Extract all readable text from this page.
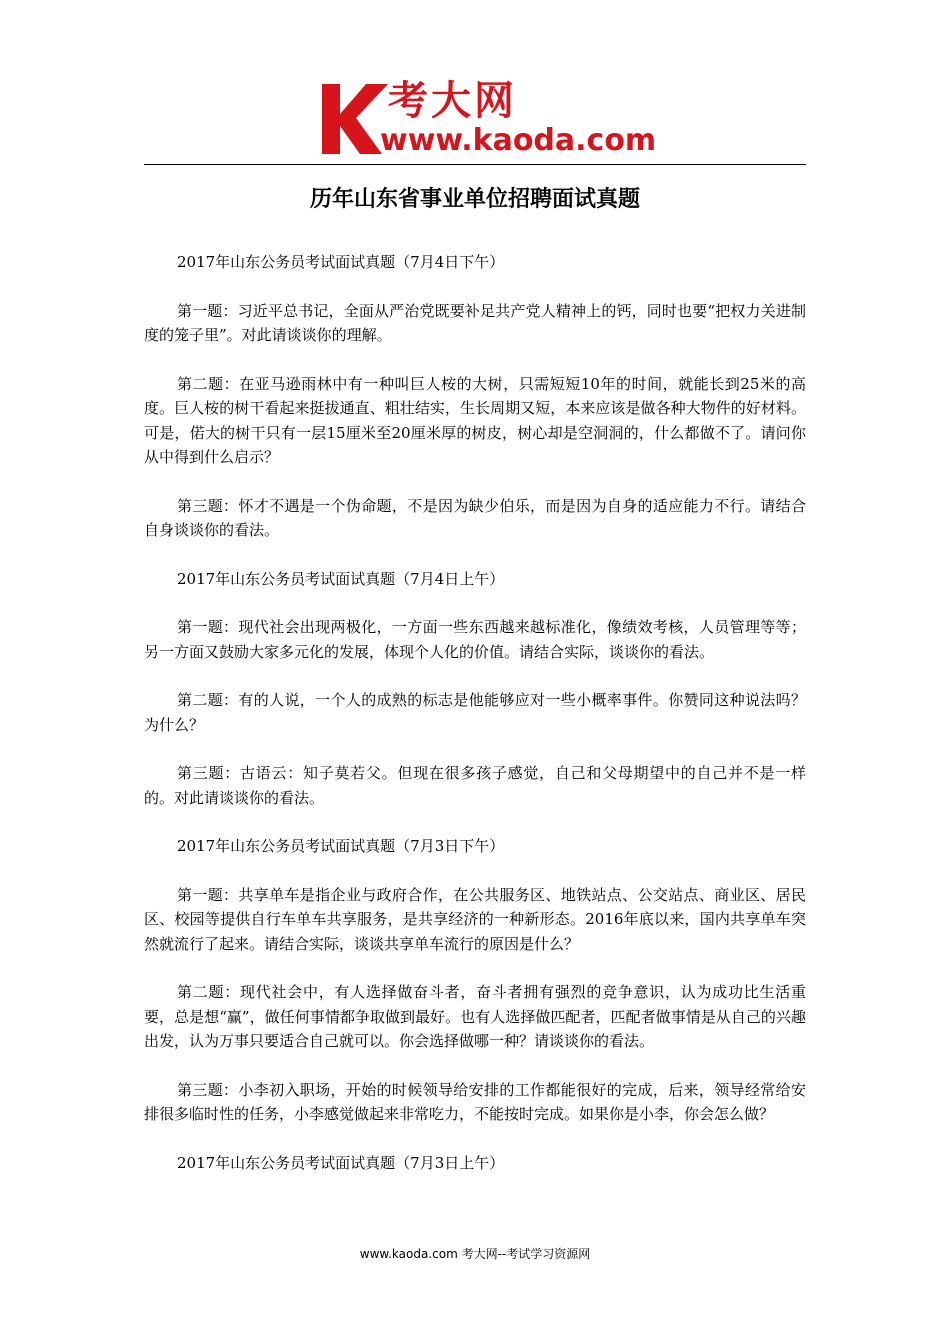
考大网
www.kaoda.com
历年山东省事业单位招聘面试真题

2017年山东公务员考试面试真题（7月4日下午）

第一题：习近平总书记，全面从严治党既要补足共产党人精神上的钙，同时也要“把权力关进制度的笼子里”。对此请谈谈你的理解。

第二题：在亚马逊雨林中有一种叫巨人桉的大树，只需短短10年的时间，就能长到25米的高度。巨人桉的树干看起来挺拔通直、粗壮结实，生长周期又短，本来应该是做各种大物件的好材料。可是，偌大的树干只有一层15厘米至20厘米厚的树皮，树心却是空洞洞的，什么都做不了。请问你从中得到什么启示？

第三题：怀才不遇是一个伪命题，不是因为缺少伯乐，而是因为自身的适应能力不行。请结合自身谈谈你的看法。

2017年山东公务员考试面试真题（7月4日上午）

第一题：现代社会出现两极化，一方面一些东西越来越标准化，像绩效考核，人员管理等等；另一方面又鼓励大家多元化的发展，体现个人化的价值。请结合实际，谈谈你的看法。

第二题：有的人说，一个人的成熟的标志是他能够应对一些小概率事件。你赞同这种说法吗？为什么？

第三题：古语云：知子莫若父。但现在很多孩子感觉，自己和父母期望中的自己并不是一样的。对此请谈谈你的看法。

2017年山东公务员考试面试真题（7月3日下午）

第一题：共享单车是指企业与政府合作，在公共服务区、地铁站点、公交站点、商业区、居民区、校园等提供自行车单车共享服务，是共享经济的一种新形态。2016年底以来，国内共享单车突然就流行了起来。请结合实际，谈谈共享单车流行的原因是什么？

第二题：现代社会中，有人选择做奋斗者，奋斗者拥有强烈的竞争意识，认为成功比生活重要，总是想“赢”，做任何事情都争取做到最好。也有人选择做匹配者，匹配者做事情是从自己的兴趣出发，认为万事只要适合自己就可以。你会选择做哪一种？请谈谈你的看法。

第三题：小李初入职场，开始的时候领导给安排的工作都能很好的完成，后来，领导经常给安排很多临时性的任务，小李感觉做起来非常吃力，不能按时完成。如果你是小李，你会怎么做？

2017年山东公务员考试面试真题（7月3日上午）

www.kaoda.com 考大网--考试学习资源网
